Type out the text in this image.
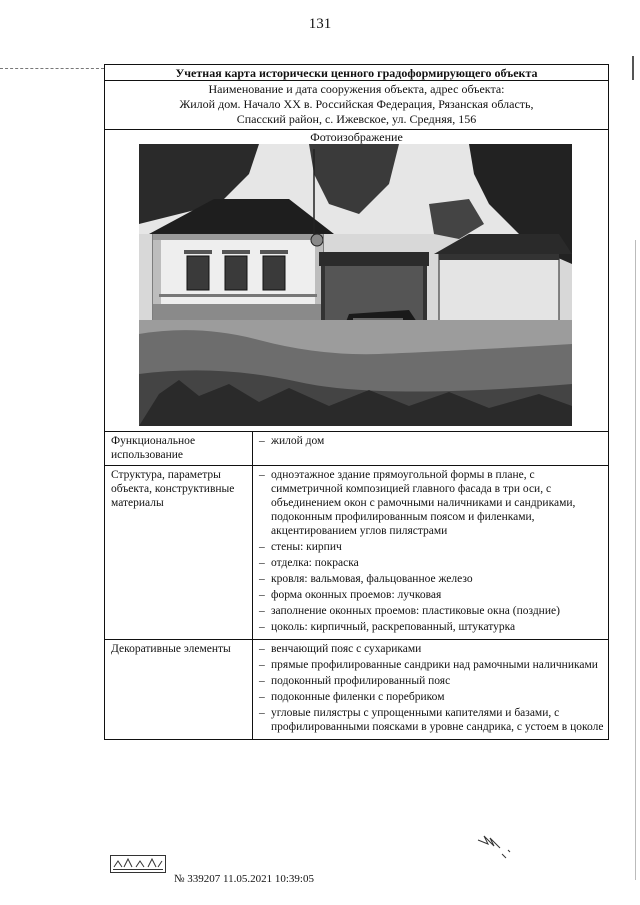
131
Учетная карта исторически ценного градоформирующего объекта
Наименование и дата сооружения объекта, адрес объекта:
Жилой дом. Начало XX в. Российская Федерация, Рязанская область,
Спасский район, с. Ижевское, ул. Средняя, 156
Фотоизображение
Функциональное использование
– жилой дом
Структура, параметры объекта, конструктивные материалы
– одноэтажное здание прямоугольной формы в плане, с симметричной композицией главного фасада в три оси, с объединением окон с рамочными наличниками и сандриками, подоконным профилированным поясом и филенками, акцентированием углов пилястрами
– стены: кирпич
– отделка: покраска
– кровля: вальмовая, фальцованное железо
– форма оконных проемов: лучковая
– заполнение оконных проемов: пластиковые окна (поздние)
– цоколь: кирпичный, раскрепованный, штукатурка
Декоративные элементы	– венчающий пояс с сухариками
– прямые профилированные сандрики над рамочными наличниками
– подоконный профилированный пояс
– подоконные филенки с поребриком
– угловые пилястры с упрощенными капителями и базами, с профилированными поясками в уровне сандрика, с устоем в цоколе
№ 339207 11.05.2021 10:39:05
